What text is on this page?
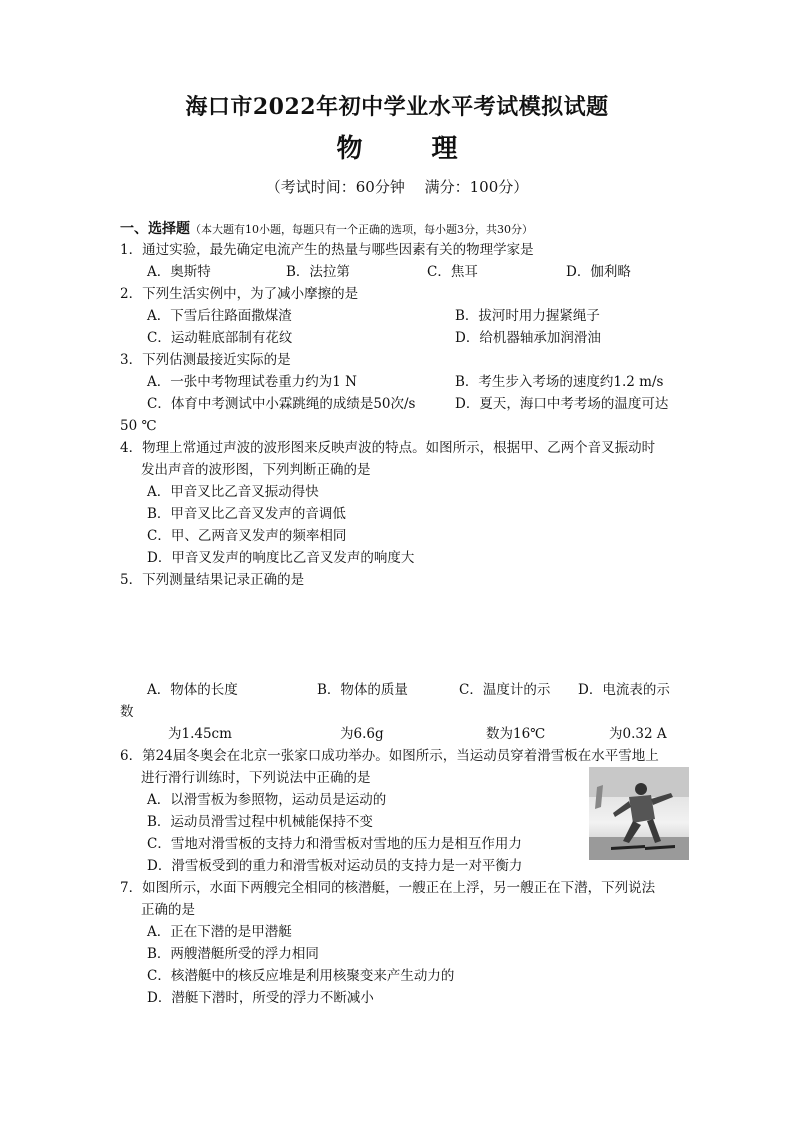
海口市2022年初中学业水平考试模拟试题
物 理
（考试时间：60分钟　 满分：100分）
一、选择题（本大题有10小题，每题只有一个正确的选项，每小题3分，共30分）
1．通过实验，最先确定电流产生的热量与哪些因素有关的物理学家是
A．奥斯特	B．法拉第	C．焦耳	D．伽利略
2．下列生活实例中，为了减小摩擦的是
A．下雪后往路面撒煤渣	B．拔河时用力握紧绳子
C．运动鞋底部制有花纹	D．给机器轴承加润滑油
3．下列估测最接近实际的是
A．一张中考物理试卷重力约为1 N	B．考生步入考场的速度约1.2 m/s
C．体育中考测试中小霖跳绳的成绩是50次/s	D．夏天，海口中考考场的温度可达
50 ℃
4．物理上常通过声波的波形图来反映声波的特点。如图所示，根据甲、乙两个音叉振动时
发出声音的波形图，下列判断正确的是
A．甲音叉比乙音叉振动得快
B．甲音叉比乙音叉发声的音调低
C．甲、乙两音叉发声的频率相同
D．甲音叉发声的响度比乙音叉发声的响度大
5．下列测量结果记录正确的是
A．物体的长度	B．物体的质量	C．温度计的示 D．电流表的示
数
为1.45cm	为6.6g	数为16℃	为0.32 A
6．第24届冬奥会在北京一张家口成功举办。如图所示，当运动员穿着滑雪板在水平雪地上
进行滑行训练时，下列说法中正确的是
A．以滑雪板为参照物，运动员是运动的
B．运动员滑雪过程中机械能保持不变
C．雪地对滑雪板的支持力和滑雪板对雪地的压力是相互作用力
D．滑雪板受到的重力和滑雪板对运动员的支持力是一对平衡力
7．如图所示，水面下两艘完全相同的核潜艇，一艘正在上浮，另一艘正在下潜，下列说法
正确的是
A．正在下潜的是甲潜艇
B．两艘潜艇所受的浮力相同
C．核潜艇中的核反应堆是利用核聚变来产生动力的
D．潜艇下潜时，所受的浮力不断减小
